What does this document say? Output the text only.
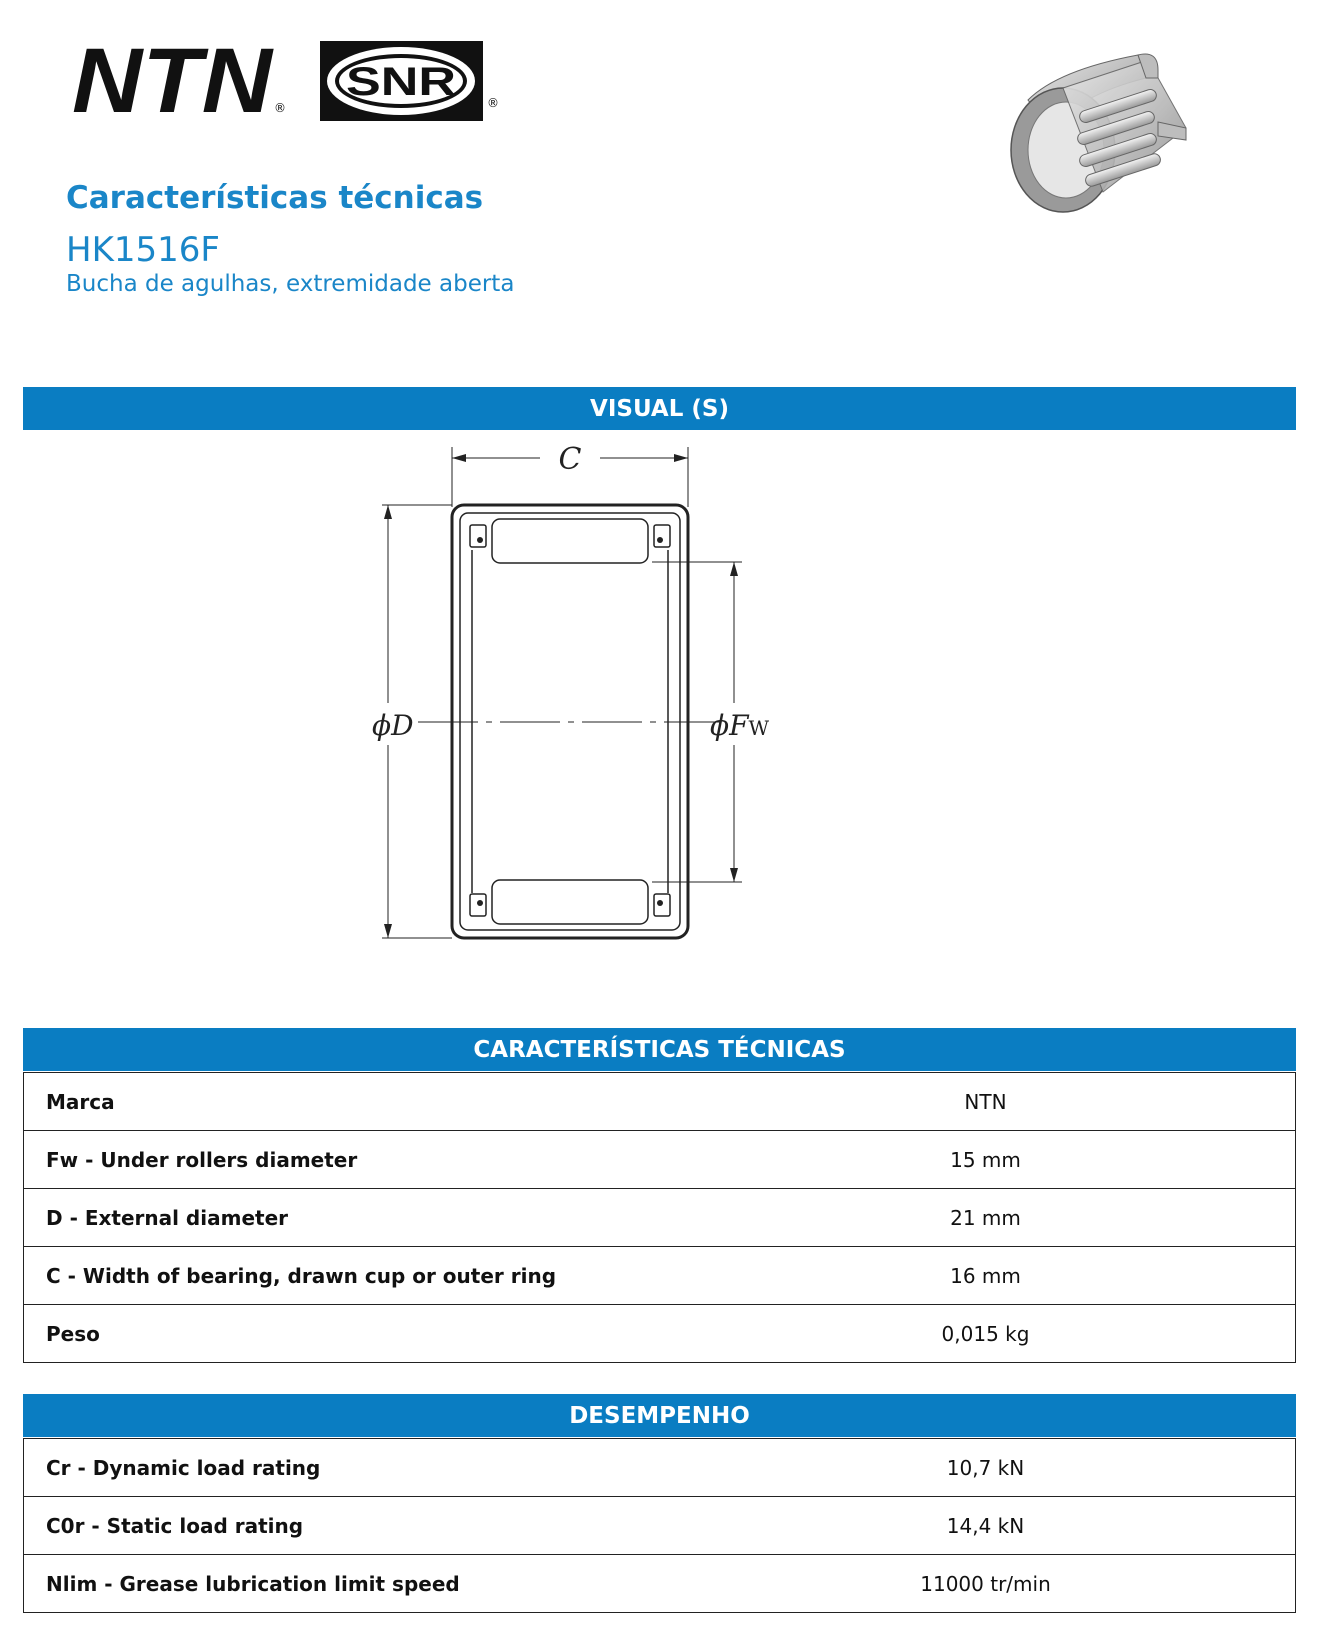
NTN ®
SNR	®
Características técnicas
HK1516F
Bucha de agulhas, extremidade aberta
VISUAL (S)
C
ϕD	ϕFW
CARACTERÍSTICAS TÉCNICAS
Marca	NTN
Fw - Under rollers diameter	15 mm
D - External diameter	21 mm
C - Width of bearing, drawn cup or outer ring	16 mm
Peso	0,015 kg
DESEMPENHO
Cr - Dynamic load rating	10,7 kN
C0r - Static load rating	14,4 kN
Nlim - Grease lubrication limit speed	11000 tr/min
